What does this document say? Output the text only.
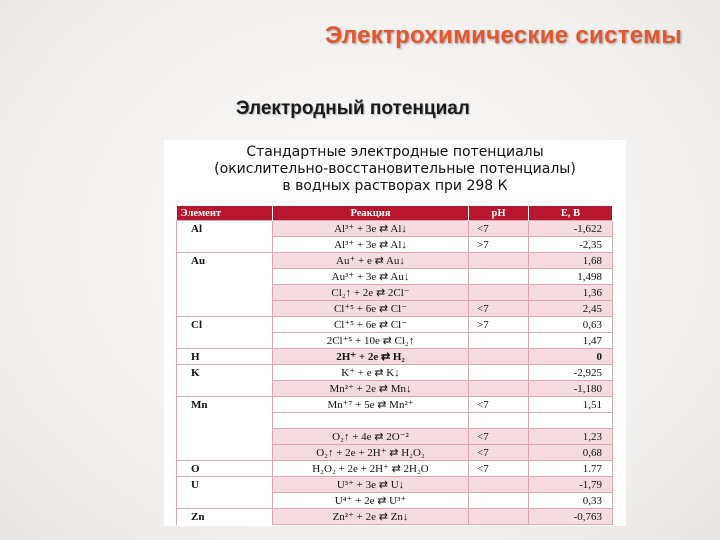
Электрохимические системы
Электродный потенциал
Стандартные электродные потенциалы
(окислительно-восстановительные потенциалы)
в водных растворах при 298 К
Элемент	Реакция	pH	E, B
Al	Al³⁺ + 3e ⇄ Al↓	<7	-1,622
	Al³⁺ + 3e ⇄ Al↓	>7	-2,35
Au	Au⁺ + e ⇄ Au↓		1,68
	Au³⁺ + 3e ⇄ Au↓		1,498
	Cl₂↑ + 2e ⇄ 2Cl⁻		1,36
	Cl⁺⁵ + 6e ⇄ Cl⁻	<7	2,45
Cl	Cl⁺⁵ + 6e ⇄ Cl⁻	>7	0,63
	2Cl⁺⁵ + 10e ⇄ Cl₂↑		1,47
H	2H⁺ + 2e ⇄ H₂		0
K	K⁺ + e ⇄ K↓		-2,925
	Mn²⁺ + 2e ⇄ Mn↓		-1,180
Mn	Mn⁺⁷ + 5e ⇄ Mn²⁺	<7	1,51

	O₂↑ + 4e ⇄ 2O⁻²	<7	1,23
	O₂↑ + 2e + 2H⁺ ⇄ H₂O₂	<7	0,68
O	H₂O₂ + 2e + 2H⁺ ⇄ 2H₂O	<7	1.77
U	U³⁺ + 3e ⇄ U↓		-1,79
	U⁴⁺ + 2e ⇄ U³⁺		0,33
Zn	Zn²⁺ + 2e ⇄ Zn↓		-0,763
